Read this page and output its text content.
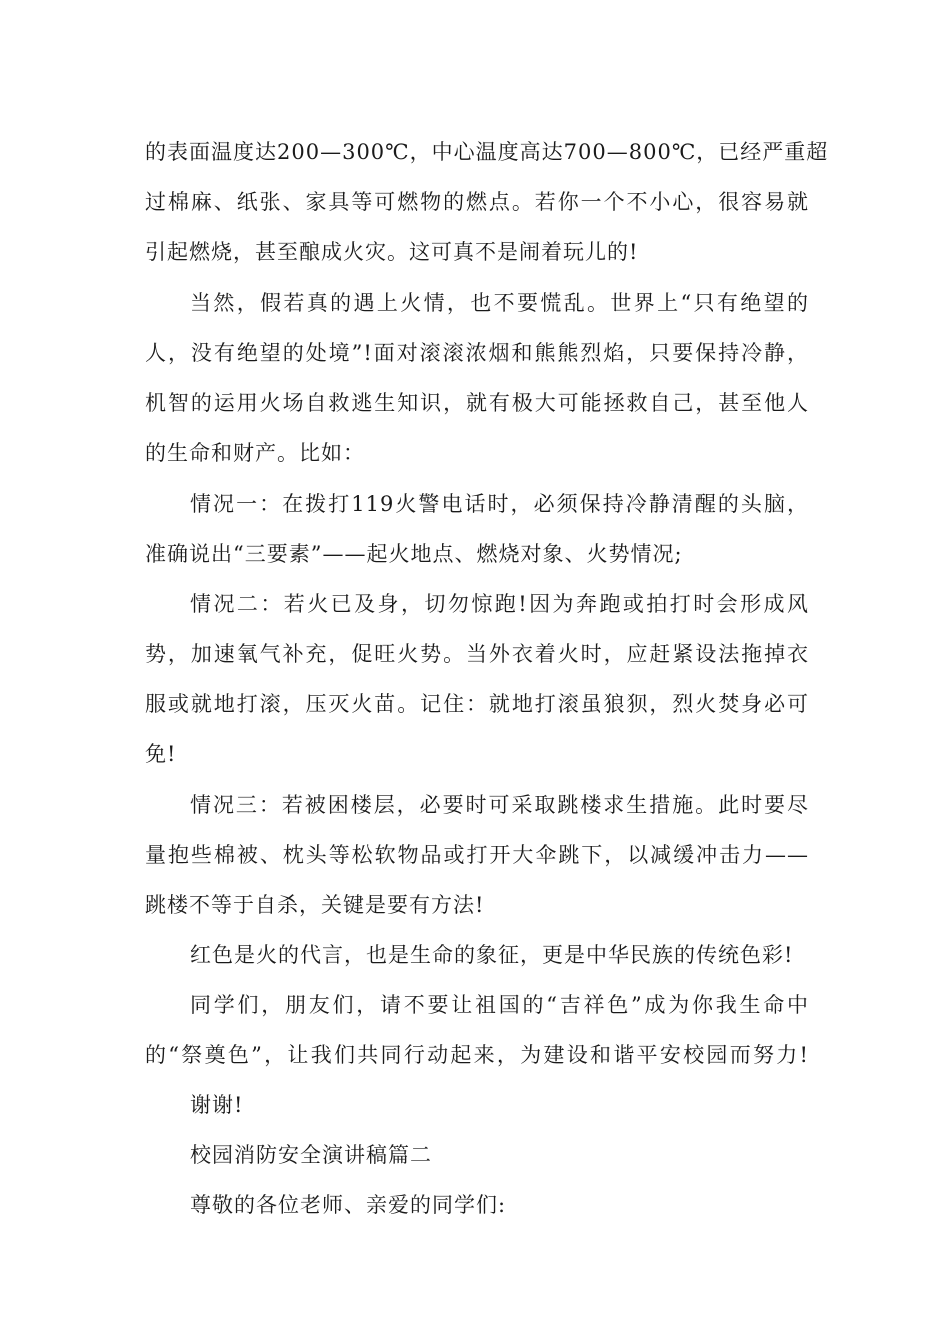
的表面温度达200—300℃，中心温度高达700—800℃，已经严重超
过棉麻、纸张、家具等可燃物的燃点。若你一个不小心，很容易就
引起燃烧，甚至酿成火灾。这可真不是闹着玩儿的!
当然，假若真的遇上火情，也不要慌乱。世界上“只有绝望的
人，没有绝望的处境”!面对滚滚浓烟和熊熊烈焰，只要保持冷静，
机智的运用火场自救逃生知识，就有极大可能拯救自己，甚至他人
的生命和财产。比如：
情况一：在拨打119火警电话时，必须保持冷静清醒的头脑，
准确说出“三要素”——起火地点、燃烧对象、火势情况;
情况二：若火已及身，切勿惊跑!因为奔跑或拍打时会形成风
势，加速氧气补充，促旺火势。当外衣着火时，应赶紧设法拖掉衣
服或就地打滚，压灭火苗。记住：就地打滚虽狼狈，烈火焚身必可
免!
情况三：若被困楼层，必要时可采取跳楼求生措施。此时要尽
量抱些棉被、枕头等松软物品或打开大伞跳下，以减缓冲击力——
跳楼不等于自杀，关键是要有方法!
红色是火的代言，也是生命的象征，更是中华民族的传统色彩!
同学们，朋友们，请不要让祖国的“吉祥色”成为你我生命中
的“祭奠色”，让我们共同行动起来，为建设和谐平安校园而努力!
谢谢!
校园消防安全演讲稿篇二
尊敬的各位老师、亲爱的同学们:
